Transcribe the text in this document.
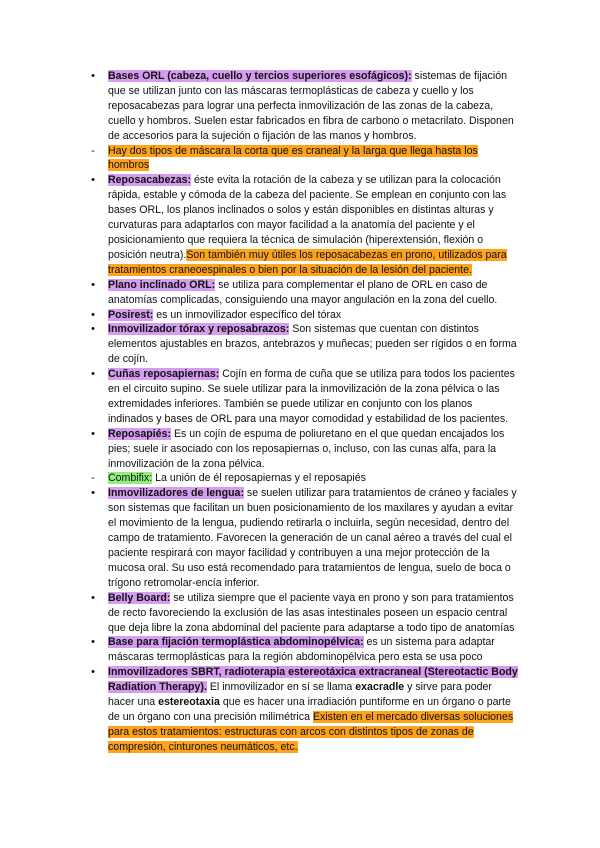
•	Bases ORL (cabeza, cuello y tercios superiores esofágicos): sistemas de fijación que se utilizan junto con las máscaras termoplásticas de cabeza y cuello y los reposacabezas para lograr una perfecta inmovilización de las zonas de la cabeza, cuello y hombros. Suelen estar fabricados en fibra de carbono o metacrilato. Disponen de accesorios para la sujeción o fijación de las manos y hombros.
-	Hay dos tipos de máscara la corta que es craneal y la larga que llega hasta los hombros
•	Reposacabezas: éste evita la rotación de la cabeza y se utilizan para la colocación rápida, estable y cómoda de la cabeza del paciente. Se emplean en conjunto con las bases ORL, los planos inclinados o solos y están disponibles en distintas alturas y curvaturas para adaptarlos con mayor facilidad a la anatomía del paciente y el posicionamiento que requiera la técnica de simulación (hiperextensión, flexión o posición neutra).Son también muy útiles los reposacabezas en prono, utilizados para tratamientos craneoespinales o bien por la situación de la lesión del paciente.
•	Plano inclinado ORL: se utiliza para complementar el plano de ORL en caso de anatomías complicadas, consiguiendo una mayor angulación en la zona del cuello.
•	Posirest: es un inmovilizador específico del tórax
•	Inmovilizador tórax y reposabrazos: Son sistemas que cuentan con distintos elementos ajustables en brazos, antebrazos y muñecas; pueden ser rígidos o en forma de cojín.
•	Cuñas reposapiernas: Cojín en forma de cuña que se utiliza para todos los pacientes en el circuito supino. Se suele utilizar para la inmovilización de la zona pélvica o las extremidades inferiores. También se puede utilizar en conjunto con los planos indinados y bases de ORL para una mayor comodidad y estabilidad de los pacientes.
•	Reposapiés: Es un cojín de espuma de poliuretano en el que quedan encajados los pies; suele ir asociado con los reposapiernas o, incluso, con las cunas alfa, para la inmovilización de la zona pélvica.
-	Combifix: La unión de él reposapiernas y el reposapiés
•	Inmovilizadores de lengua: se suelen utilizar para tratamientos de cráneo y faciales y son sistemas que facilitan un buen posicionamiento de los maxilares y ayudan a evitar el movimiento de la lengua, pudiendo retirarla o incluirla, según necesidad, dentro del campo de tratamiento. Favorecen la generación de un canal aéreo a través del cual el paciente respirará con mayor facilidad y contribuyen a una mejor protección de la mucosa oral. Su uso está recomendado para tratamientos de lengua, suelo de boca o trígono retromolar-encía inferior.
•	Belly Board: se utiliza siempre que el paciente vaya en prono y son para tratamientos de recto favoreciendo la exclusión de las asas intestinales poseen un espacio central que deja libre la zona abdominal del paciente para adaptarse a todo tipo de anatomías
•	Base para fijación termoplástica abdominopélvica: es un sistema para adaptar máscaras termoplásticas para la región abdominopélvica pero esta se usa poco
•	Inmovilizadores SBRT, radioterapia estereotáxica extracraneal (Stereotactic Body Radiation Therapy). El inmovilizador en sí se llama exacradle y sirve para poder hacer una estereotaxia que es hacer una irradiación puntiforme en un órgano o parte de un órgano con una precisión milimétrica Existen en el mercado diversas soluciones para estos tratamientos: estructuras con arcos con distintos tipos de zonas de compresión, cinturones neumáticos, etc.
